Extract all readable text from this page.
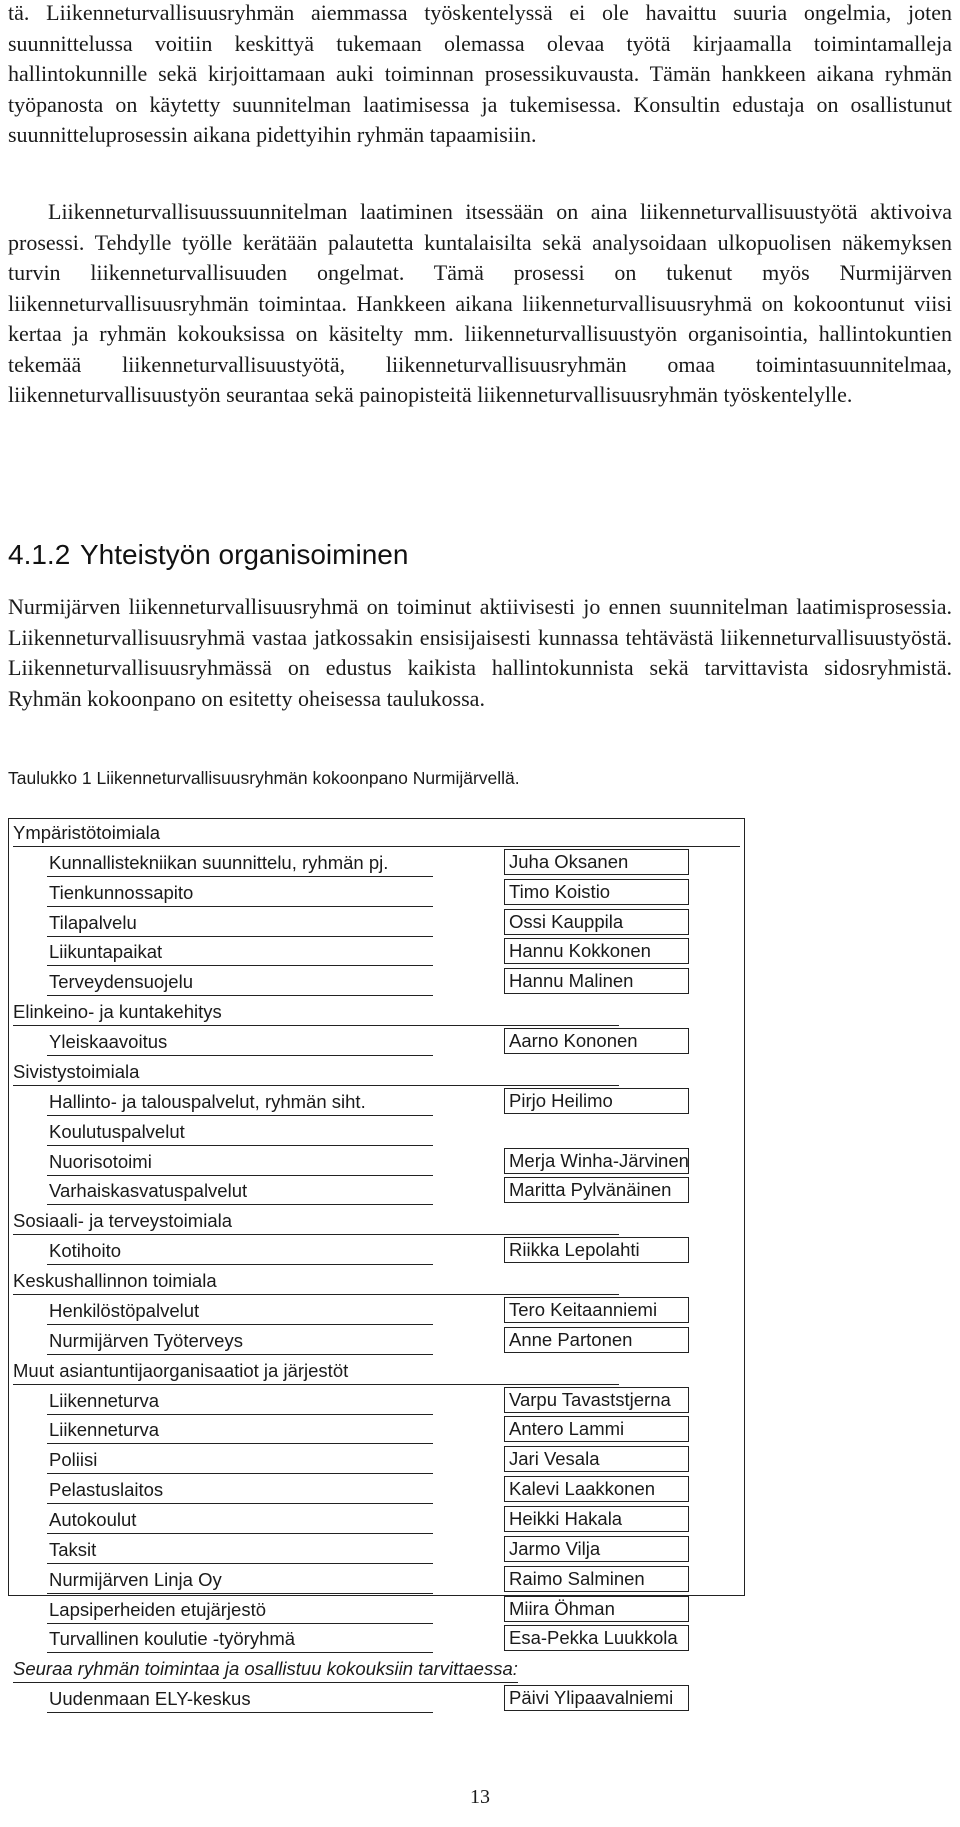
tä. Liikenneturvallisuusryhmän aiemmassa työskentelyssä ei ole havaittu suuria ongelmia, joten suunnittelussa voitiin keskittyä tukemaan olemassa olevaa työtä kirjaamalla toimintamalleja hallintokunnille sekä kirjoittamaan auki toiminnan prosessikuvausta. Tämän hankkeen aikana ryhmän työpanosta on käytetty suunnitelman laatimisessa ja tukemisessa. Konsultin edustaja on osallistunut suunnitteluprosessin aikana pidettyihin ryhmän tapaamisiin.

Liikenneturvallisuussuunnitelman laatiminen itsessään on aina liikenneturvallisuustyötä aktivoiva prosessi. Tehdylle työlle kerätään palautetta kuntalaisilta sekä analysoidaan ulkopuolisen näkemyksen turvin liikenneturvallisuuden ongelmat. Tämä prosessi on tukenut myös Nurmijärven liikenneturvallisuusryhmän toimintaa. Hankkeen aikana liikenneturvallisuusryhmä on kokoontunut viisi kertaa ja ryhmän kokouksissa on käsitelty mm. liikenneturvallisuustyön organisointia, hallintokuntien tekemää liikenneturvallisuustyötä, liikenneturvallisuusryhmän omaa toimintasuunnitelmaa, liikenneturvallisuustyön seurantaa sekä painopisteitä liikenneturvallisuusryhmän työskentelylle.

4.1.2 Yhteistyön organisoiminen

Nurmijärven liikenneturvallisuusryhmä on toiminut aktiivisesti jo ennen suunnitelman laatimisprosessia. Liikenneturvallisuusryhmä vastaa jatkossakin ensisijaisesti kunnassa tehtävästä liikenneturvallisuustyöstä. Liikenneturvallisuusryhmässä on edustus kaikista hallintokunnista sekä tarvittavista sidosryhmistä. Ryhmän kokoonpano on esitetty oheisessa taulukossa.

Taulukko 1 Liikenneturvallisuusryhmän kokoonpano Nurmijärvellä.

Ympäristötoimiala
Kunnallistekniikan suunnittelu, ryhmän pj.	Juha Oksanen
Tienkunnossapito	Timo Koistio
Tilapalvelu	Ossi Kauppila
Liikuntapaikat	Hannu Kokkonen
Terveydensuojelu	Hannu Malinen
Elinkeino- ja kuntakehitys
Yleiskaavoitus	Aarno Kononen
Sivistystoimiala
Hallinto- ja talouspalvelut, ryhmän siht.	Pirjo Heilimo
Koulutuspalvelut
Nuorisotoimi	Merja Winha-Järvinen
Varhaiskasvatuspalvelut	Maritta Pylvänäinen
Sosiaali- ja terveystoimiala
Kotihoito	Riikka Lepolahti
Keskushallinnon toimiala
Henkilöstöpalvelut	Tero Keitaanniemi
Nurmijärven Työterveys	Anne Partonen
Muut asiantuntijaorganisaatiot ja järjestöt
Liikenneturva	Varpu Tavaststjerna
Liikenneturva	Antero Lammi
Poliisi	Jari Vesala
Pelastuslaitos	Kalevi Laakkonen
Autokoulut	Heikki Hakala
Taksit	Jarmo Vilja
Nurmijärven Linja Oy	Raimo Salminen
Lapsiperheiden etujärjestö	Miira Öhman
Turvallinen koulutie -työryhmä	Esa-Pekka Luukkola
Seuraa ryhmän toimintaa ja osallistuu kokouksiin tarvittaessa:
Uudenmaan ELY-keskus	Päivi Ylipaavalniemi
13
